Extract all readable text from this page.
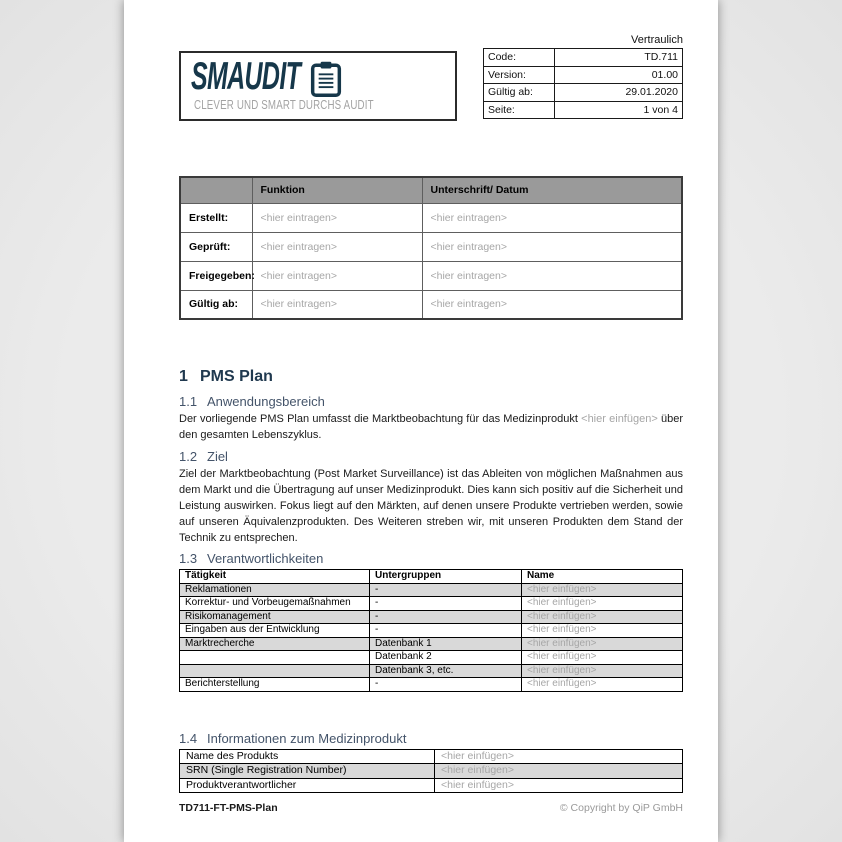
Vertraulich
SMAUDIT
CLEVER UND SMART DURCHS AUDIT
Code:	TD.711
Version:	01.00
Gültig ab:	29.01.2020
Seite:	1 von 4
	Funktion	Unterschrift/ Datum
Erstellt:	<hier eintragen>	<hier eintragen>
Geprüft:	<hier eintragen>	<hier eintragen>
Freigegeben:	<hier eintragen>	<hier eintragen>
Gültig ab:	<hier eintragen>	<hier eintragen>
1 PMS Plan
1.1 Anwendungsbereich

Der vorliegende PMS Plan umfasst die Marktbeobachtung für das Medizinprodukt <hier einfügen> über den gesamten Lebenszyklus.

1.2 Ziel

Ziel der Marktbeobachtung (Post Market Surveillance) ist das Ableiten von möglichen Maßnahmen aus dem Markt und die Übertragung auf unser Medizinprodukt. Dies kann sich positiv auf die Sicherheit und Leistung auswirken. Fokus liegt auf den Märkten, auf denen unsere Produkte vertrieben werden, sowie auf unseren Äquivalenzprodukten. Des Weiteren streben wir, mit unseren Produkten dem Stand der Technik zu entsprechen.

1.3 Verantwortlichkeiten
Tätigkeit	Untergruppen	Name
Reklamationen	-	<hier einfügen>
Korrektur- und Vorbeugemaßnahmen	-	<hier einfügen>
Risikomanagement	-	<hier einfügen>
Eingaben aus der Entwicklung	-	<hier einfügen>
Marktrecherche	Datenbank 1	<hier einfügen>
	Datenbank 2	<hier einfügen>
	Datenbank 3, etc.	<hier einfügen>
Berichterstellung	-	<hier einfügen>
1.4 Informationen zum Medizinprodukt
Name des Produkts	<hier einfügen>
SRN (Single Registration Number)	<hier einfügen>
Produktverantwortlicher	<hier einfügen>
TD711-FT-PMS-Plan	© Copyright by QiP GmbH
